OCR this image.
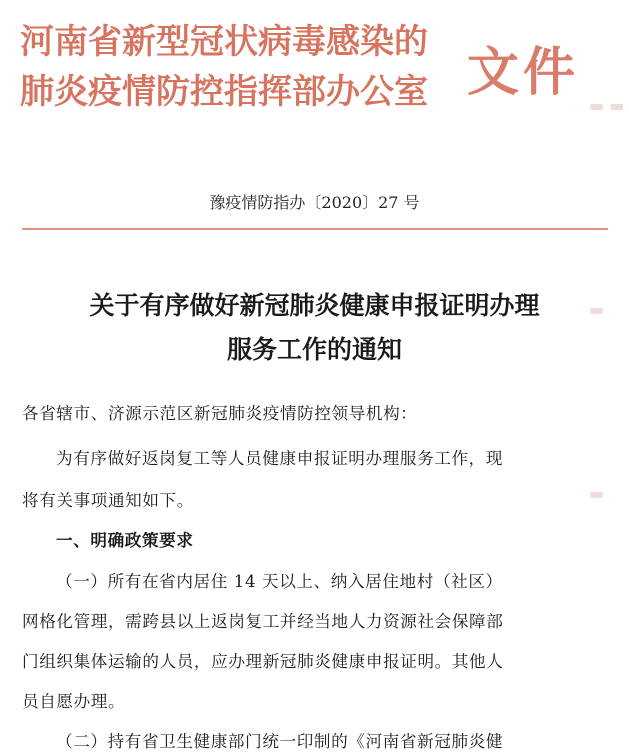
▬ ▬
▬
▬
河南省新型冠状病毒感染的
肺炎疫情防控指挥部办公室 文件
豫疫情防指办〔2020〕27 号
关于有序做好新冠肺炎健康申报证明办理
服务工作的通知
各省辖市、济源示范区新冠肺炎疫情防控领导机构：
为有序做好返岗复工等人员健康申报证明办理服务工作，现
将有关事项通知如下。
一、明确政策要求
（一）所有在省内居住 14 天以上、纳入居住地村（社区）
网格化管理，需跨县以上返岗复工并经当地人力资源社会保障部
门组织集体运输的人员，应办理新冠肺炎健康申报证明。其他人
员自愿办理。
（二）持有省卫生健康部门统一印制的《河南省新冠肺炎健
